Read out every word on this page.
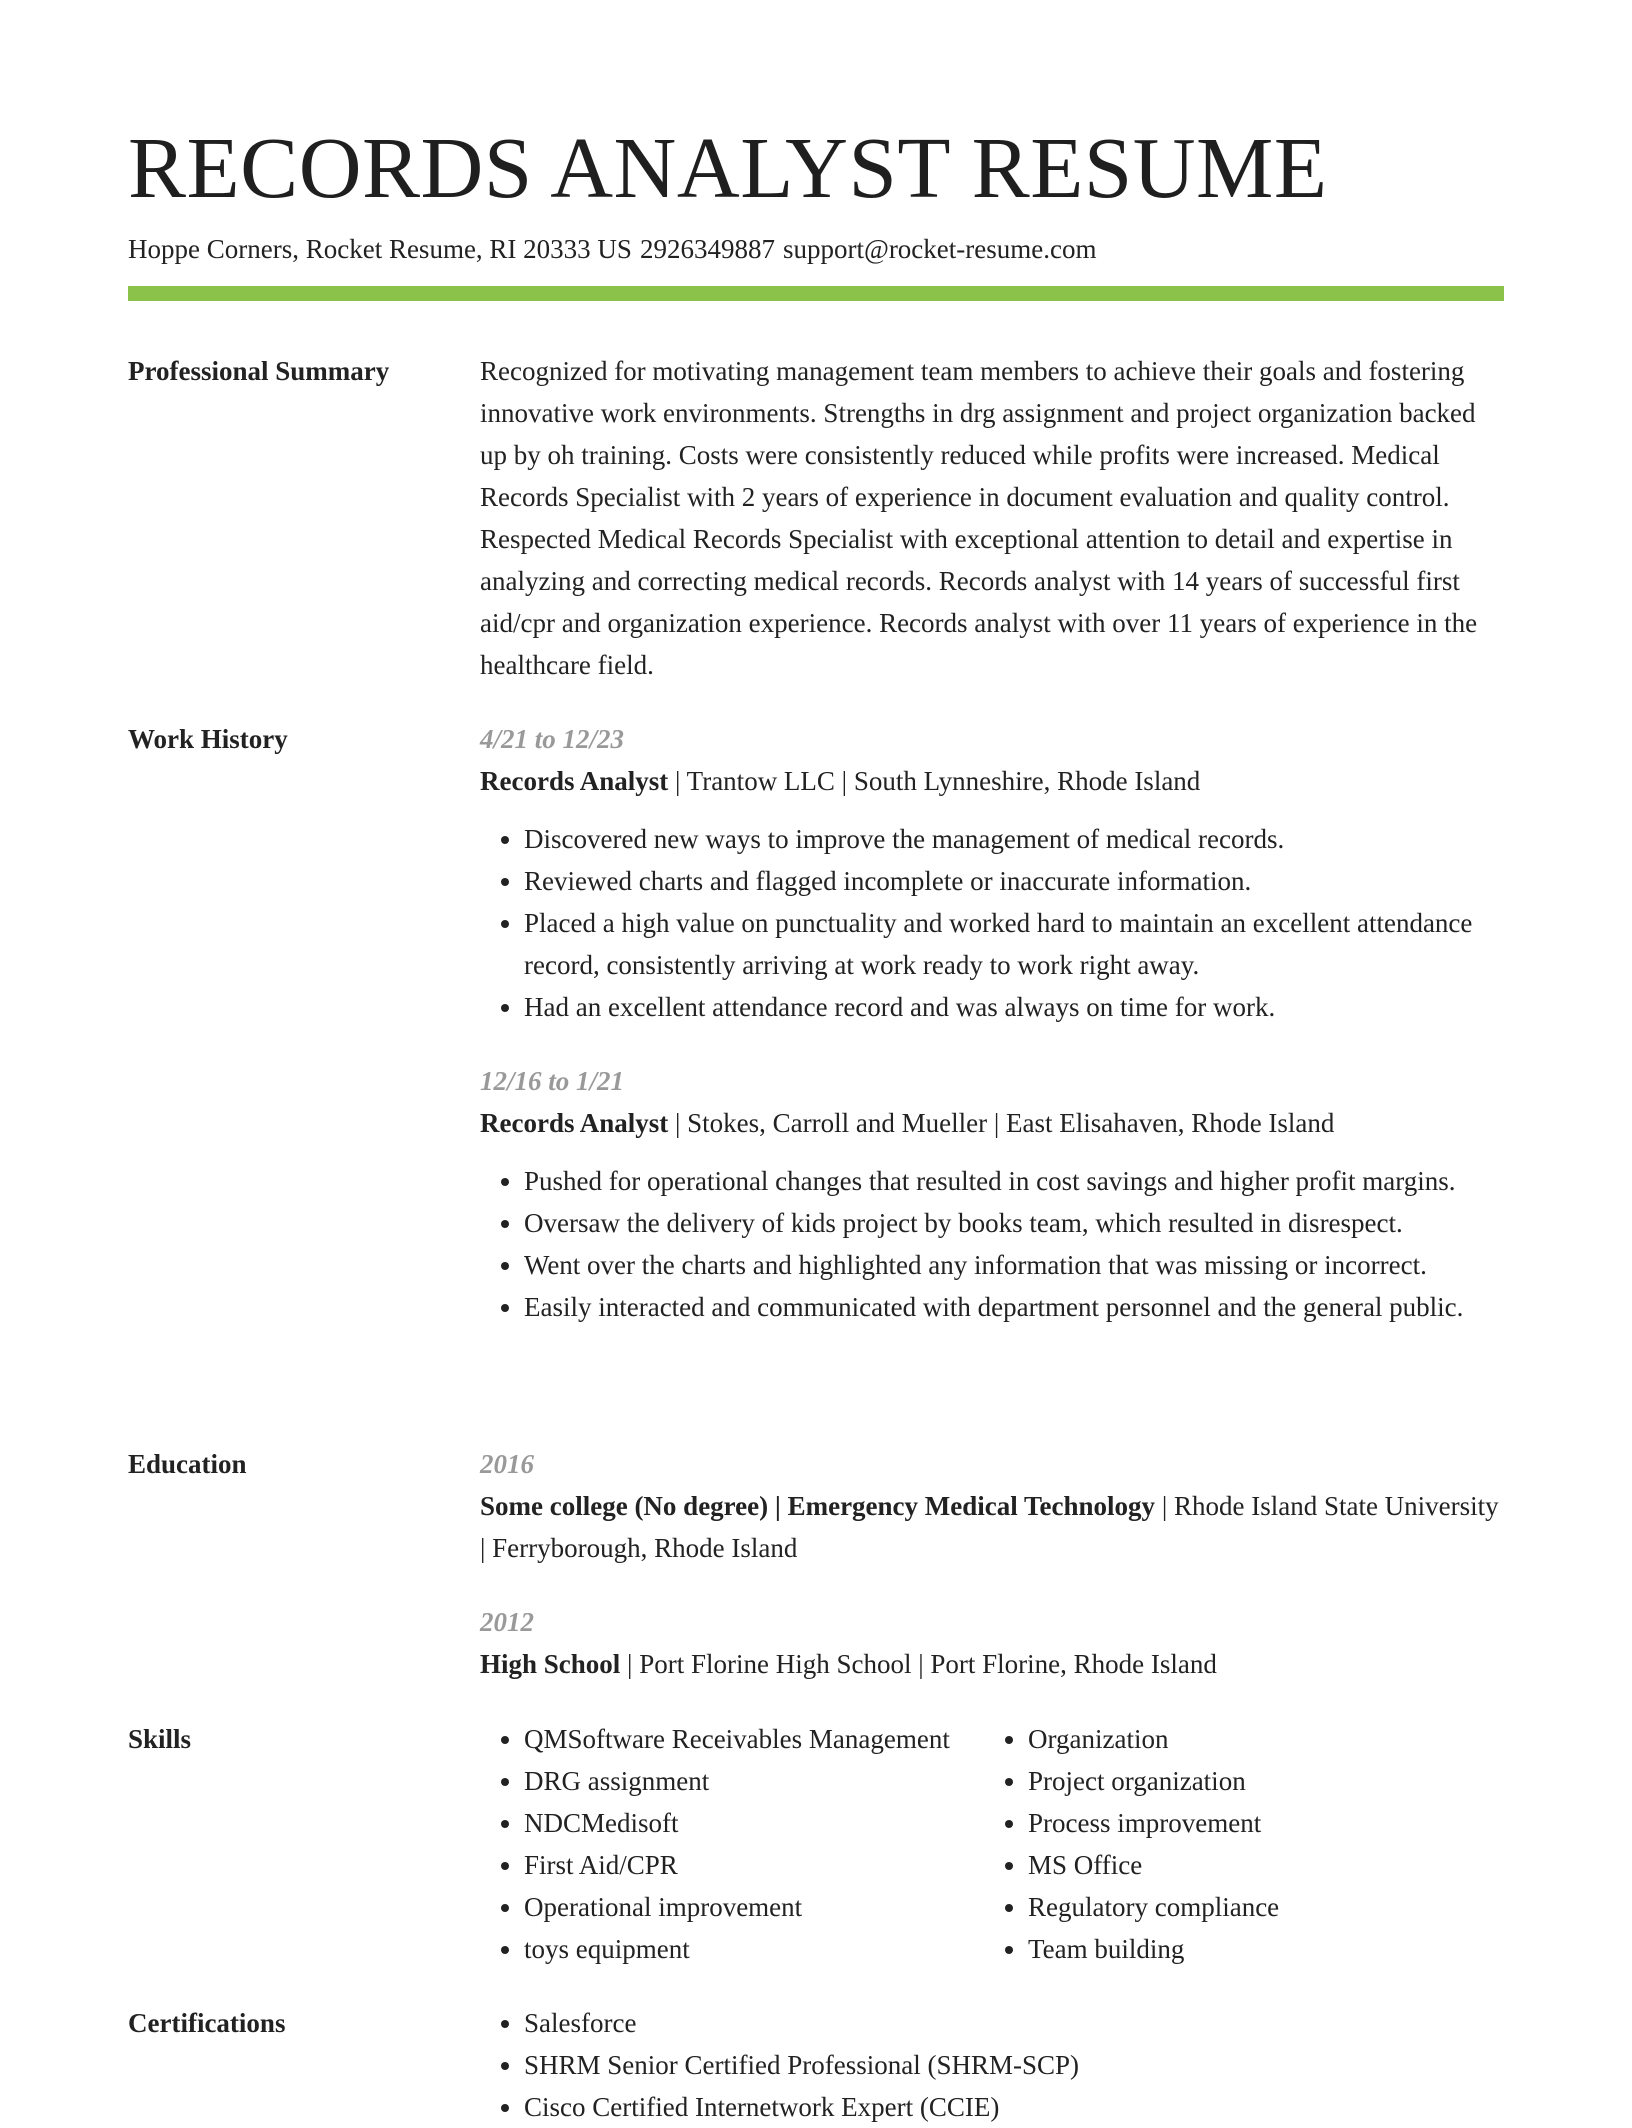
RECORDS ANALYST RESUME
Hoppe Corners, Rocket Resume, RI 20333 US 2926349887 support@rocket-resume.com
Professional Summary	Recognized for motivating management team members to achieve their goals and fostering innovative work environments. Strengths in drg assignment and project organization backed up by oh training. Costs were consistently reduced while profits were increased. Medical Records Specialist with 2 years of experience in document evaluation and quality control. Respected Medical Records Specialist with exceptional attention to detail and expertise in analyzing and correcting medical records. Records analyst with 14 years of successful first aid/cpr and organization experience. Records analyst with over 11 years of experience in the healthcare field.

Work History	4/21 to 12/23
Records Analyst | Trantow LLC | South Lynneshire, Rhode Island
• Discovered new ways to improve the management of medical records.
• Reviewed charts and flagged incomplete or inaccurate information.
• Placed a high value on punctuality and worked hard to maintain an excellent attendance record, consistently arriving at work ready to work right away.
• Had an excellent attendance record and was always on time for work.
12/16 to 1/21
Records Analyst | Stokes, Carroll and Mueller | East Elisahaven, Rhode Island
• Pushed for operational changes that resulted in cost savings and higher profit margins.
• Oversaw the delivery of kids project by books team, which resulted in disrespect.
• Went over the charts and highlighted any information that was missing or incorrect.
• Easily interacted and communicated with department personnel and the general public.
Education	2016
Some college (No degree) | Emergency Medical Technology | Rhode Island State University | Ferryborough, Rhode Island
2012
High School | Port Florine High School | Port Florine, Rhode Island
Skills	• QMSoftware Receivables Management
• DRG assignment
• NDCMedisoft
• First Aid/CPR
• Operational improvement
• toys equipment
• Organization
• Project organization
• Process improvement
• MS Office
• Regulatory compliance
• Team building
Certifications	• Salesforce
• SHRM Senior Certified Professional (SHRM-SCP)
• Cisco Certified Internetwork Expert (CCIE)
